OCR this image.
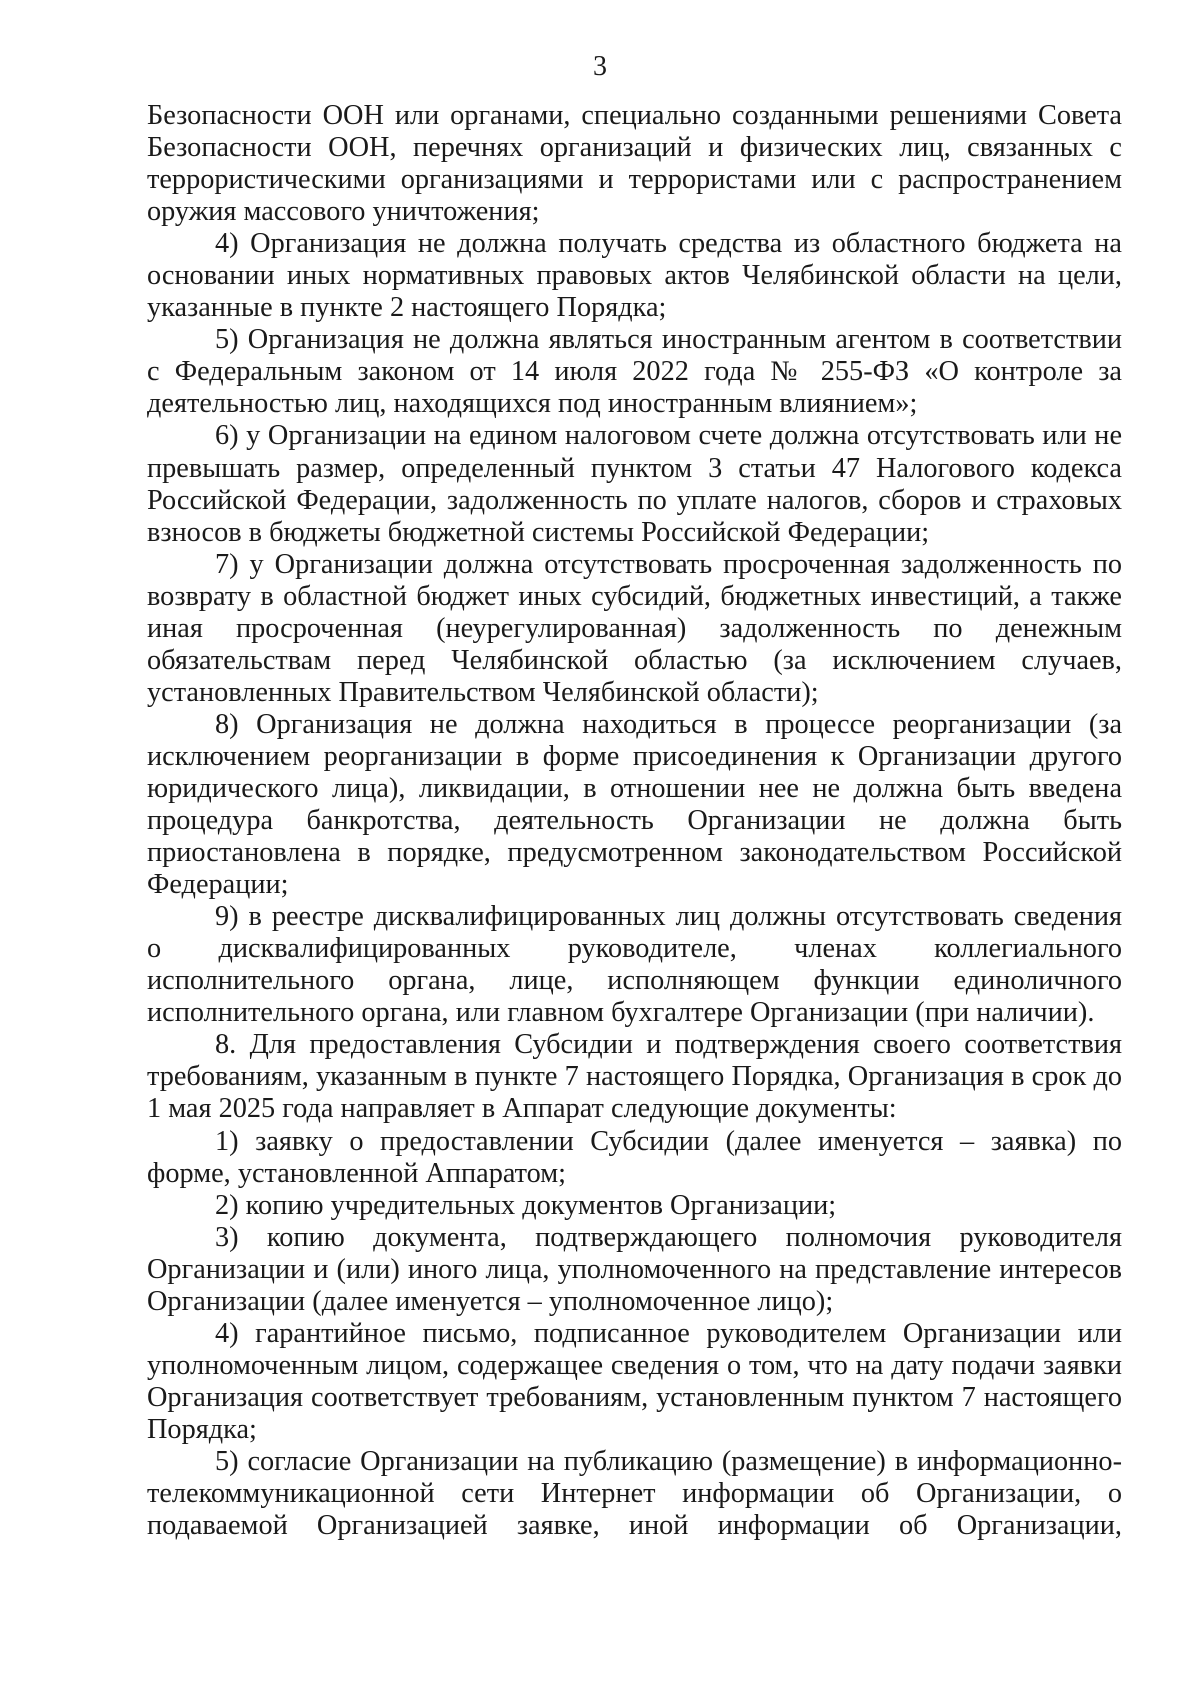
3

Безопасности ООН или органами, специально созданными решениями Совета Безопасности ООН, перечнях организаций и физических лиц, связанных с террористическими организациями и террористами или с распространением оружия массового уничтожения;

4) Организация не должна получать средства из областного бюджета на основании иных нормативных правовых актов Челябинской области на цели, указанные в пункте 2 настоящего Порядка;

5) Организация не должна являться иностранным агентом в соответствии с Федеральным законом от 14 июля 2022 года № 255-ФЗ «О контроле за деятельностью лиц, находящихся под иностранным влиянием»;

6) у Организации на едином налоговом счете должна отсутствовать или не превышать размер, определенный пунктом 3 статьи 47 Налогового кодекса Российской Федерации, задолженность по уплате налогов, сборов и страховых взносов в бюджеты бюджетной системы Российской Федерации;

7) у Организации должна отсутствовать просроченная задолженность по возврату в областной бюджет иных субсидий, бюджетных инвестиций, а также иная просроченная (неурегулированная) задолженность по денежным обязательствам перед Челябинской областью (за исключением случаев, установленных Правительством Челябинской области);

8) Организация не должна находиться в процессе реорганизации (за исключением реорганизации в форме присоединения к Организации другого юридического лица), ликвидации, в отношении нее не должна быть введена процедура банкротства, деятельность Организации не должна быть приостановлена в порядке, предусмотренном законодательством Российской Федерации;

9) в реестре дисквалифицированных лиц должны отсутствовать сведения о дисквалифицированных руководителе, членах коллегиального исполнительного органа, лице, исполняющем функции единоличного исполнительного органа, или главном бухгалтере Организации (при наличии).

8. Для предоставления Субсидии и подтверждения своего соответствия требованиям, указанным в пункте 7 настоящего Порядка, Организация в срок до 1 мая 2025 года направляет в Аппарат следующие документы:

1) заявку о предоставлении Субсидии (далее именуется – заявка) по форме, установленной Аппаратом;

2) копию учредительных документов Организации;

3) копию документа, подтверждающего полномочия руководителя Организации и (или) иного лица, уполномоченного на представление интересов Организации (далее именуется – уполномоченное лицо);

4) гарантийное письмо, подписанное руководителем Организации или уполномоченным лицом, содержащее сведения о том, что на дату подачи заявки Организация соответствует требованиям, установленным пунктом 7 настоящего Порядка;

5) согласие Организации на публикацию (размещение) в информационно-телекоммуникационной сети Интернет информации об Организации, о подаваемой Организацией заявке, иной информации об Организации,
